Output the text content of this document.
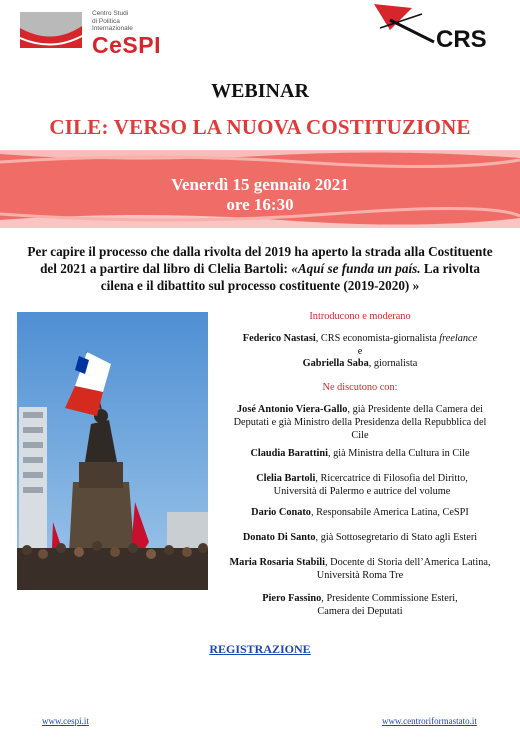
Centro Studi
di Politica
Internazionale
CeSPI	CRS
WEBINAR
CILE: VERSO LA NUOVA COSTITUZIONE
Venerdì 15 gennaio 2021
ore 16:30
Per capire il processo che dalla rivolta del 2019 ha aperto la strada alla Costituente del 2021 a partire dal libro di Clelia Bartoli: «Aquí se funda un país. La rivolta cilena e il dibattito sul processo costituente (2019-2020) »
Introducono e moderano
Federico Nastasi, CRS economista-giornalista freelance
e
Gabriella Saba, giornalista
Ne discutono con:
José Antonio Viera-Gallo, già Presidente della Camera dei Deputati e già Ministro della Presidenza della Repubblica del Cile
Claudia Barattini, già Ministra della Cultura in Cile
Clelia Bartoli, Ricercatrice di Filosofia del Diritto, Università di Palermo e autrice del volume
Dario Conato, Responsabile America Latina, CeSPI
Donato Di Santo, già Sottosegretario di Stato agli Esteri
Maria Rosaria Stabili, Docente di Storia dell’America Latina, Università Roma Tre
Piero Fassino, Presidente Commissione Esteri, Camera dei Deputati
REGISTRAZIONE
www.cespi.it	www.centroriformastato.it
